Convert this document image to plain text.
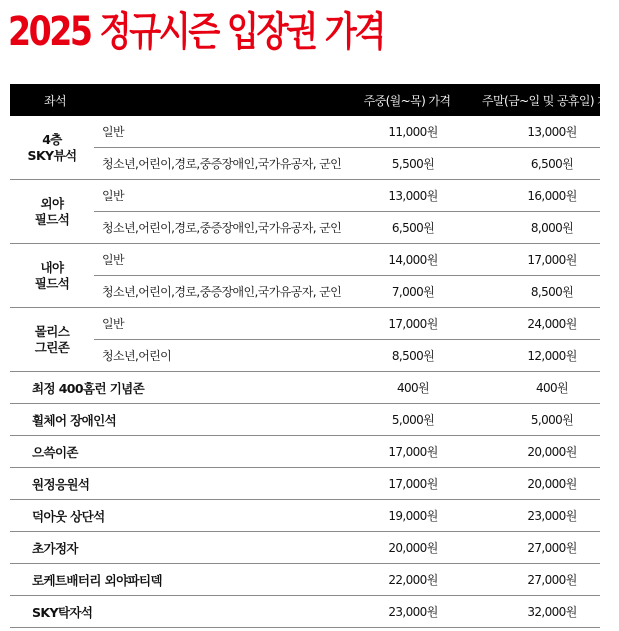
2025 정규시즌 입장권 가격
좌석		주중(월~목) 가격	주말(금~일 및 공휴일) 가격

4층
SKY뷰석	일반	11,000원	13,000원
	청소년,어린이,경로,중증장애인,국가유공자, 군인	5,500원	6,500원

외야
필드석	일반	13,000원	16,000원
	청소년,어린이,경로,중증장애인,국가유공자, 군인	6,500원	8,000원

내야
필드석	일반	14,000원	17,000원
	청소년,어린이,경로,중증장애인,국가유공자, 군인	7,000원	8,500원

몰리스
그린존	일반	17,000원	24,000원
	청소년,어린이	8,500원	12,000원
최정 400홈런 기념존		400원	400원
휠체어 장애인석		5,000원	5,000원
으쓱이존		17,000원	20,000원
원정응원석		17,000원	20,000원
덕아웃 상단석		19,000원	23,000원
초가정자		20,000원	27,000원
로케트배터리 외야파티덱		22,000원	27,000원
SKY탁자석		23,000원	32,000원
